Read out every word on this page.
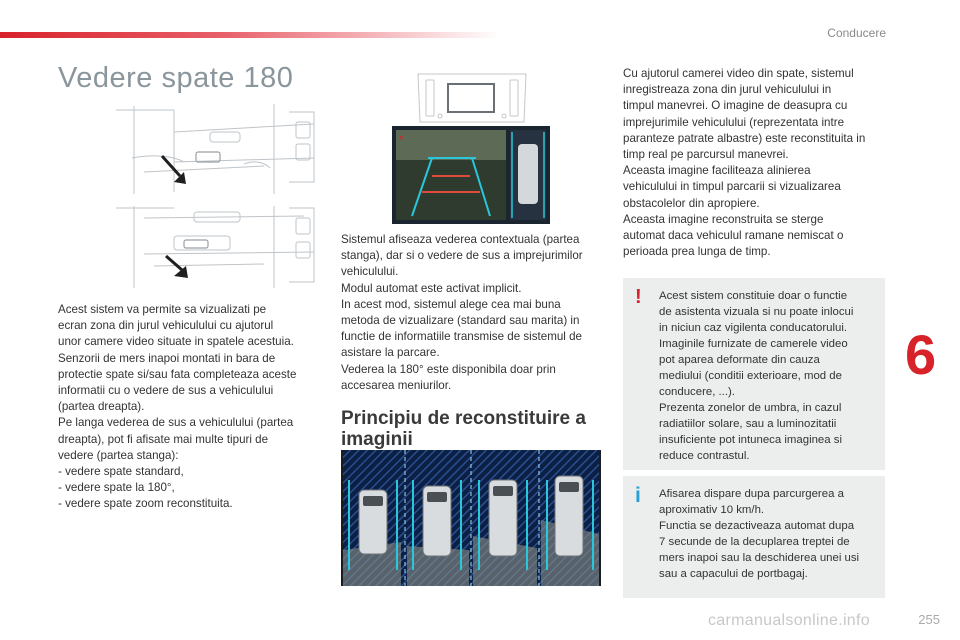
Conducere
Vedere spate 180
×
Acest sistem va permite sa vizualizati pe
ecran zona din jurul vehiculului cu ajutorul
unor camere video situate in spatele acestuia.
Senzorii de mers inapoi montati in bara de
protectie spate si/sau fata completeaza aceste
informatii cu o vedere de sus a vehiculului
(partea dreapta).
Pe langa vederea de sus a vehiculului (partea
dreapta), pot fi afisate mai multe tipuri de
vedere (partea stanga):
- vedere spate standard,
- vedere spate la 180°,
- vedere spate zoom reconstituita.
Sistemul afiseaza vederea contextuala (partea
stanga), dar si o vedere de sus a imprejurimilor
vehiculului.
Modul automat este activat implicit.
In acest mod, sistemul alege cea mai buna
metoda de vizualizare (standard sau marita) in
functie de informatiile transmise de sistemul de
asistare la parcare.
Vederea la 180° este disponibila doar prin
accesarea meniurilor.
Principiu de reconstituire a imaginii
Cu ajutorul camerei video din spate, sistemul
inregistreaza zona din jurul vehiculului in
timpul manevrei. O imagine de deasupra cu
imprejurimile vehiculului (reprezentata intre
paranteze patrate albastre) este reconstituita in
timp real pe parcursul manevrei.
Aceasta imagine faciliteaza alinierea
vehiculului in timpul parcarii si vizualizarea
obstacolelor din apropiere.
Aceasta imagine reconstruita se sterge
automat daca vehiculul ramane nemiscat o
perioada prea lunga de timp.
! Acest sistem constituie doar o functie
de asistenta vizuala si nu poate inlocui
in niciun caz vigilenta conducatorului.
Imaginile furnizate de camerele video
pot aparea deformate din cauza
mediului (conditii exterioare, mod de
conducere, ...).
Prezenta zonelor de umbra, in cazul
radiatiilor solare, sau a luminozitatii
insuficiente pot intuneca imaginea si
reduce contrastul.
i Afisarea dispare dupa parcurgerea a
aproximativ 10 km/h.
Functia se dezactiveaza automat dupa
7 secunde de la decuplarea treptei de
mers inapoi sau la deschiderea unei usi
sau a capacului de portbagaj.
6
carmanualsonline.info	255
